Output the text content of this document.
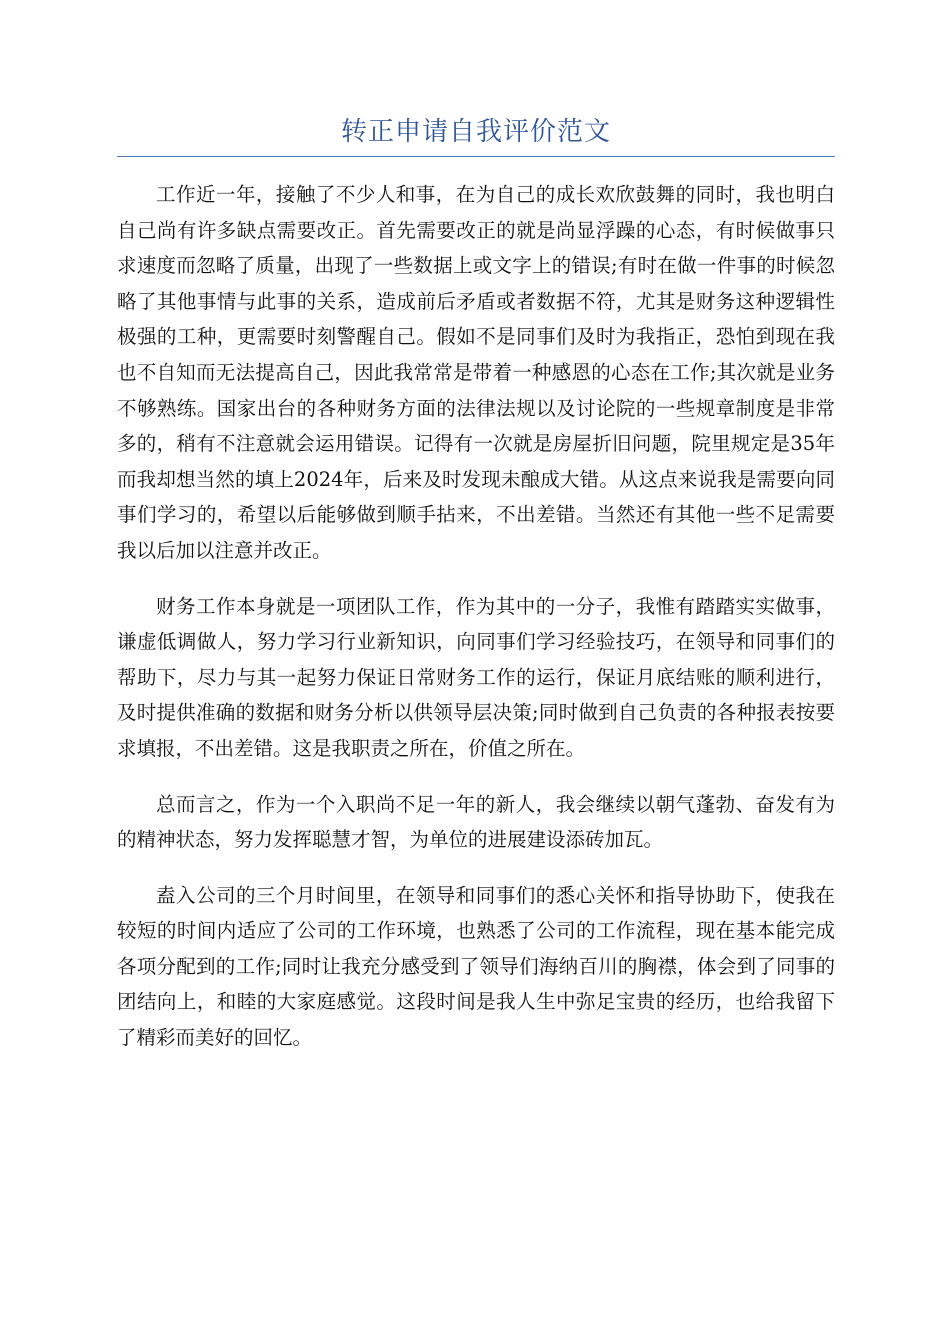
转正申请自我评价范文

工作近一年，接触了不少人和事，在为自己的成长欢欣鼓舞的同时，我也明白自己尚有许多缺点需要改正。首先需要改正的就是尚显浮躁的心态，有时候做事只求速度而忽略了质量，出现了一些数据上或文字上的错误;有时在做一件事的时候忽略了其他事情与此事的关系，造成前后矛盾或者数据不符，尤其是财务这种逻辑性极强的工种，更需要时刻警醒自己。假如不是同事们及时为我指正，恐怕到现在我也不自知而无法提高自己，因此我常常是带着一种感恩的心态在工作;其次就是业务不够熟练。国家出台的各种财务方面的法律法规以及讨论院的一些规章制度是非常多的，稍有不注意就会运用错误。记得有一次就是房屋折旧问题，院里规定是35年而我却想当然的填上2024年，后来及时发现未酿成大错。从这点来说我是需要向同事们学习的，希望以后能够做到顺手拈来，不出差错。当然还有其他一些不足需要我以后加以注意并改正。

财务工作本身就是一项团队工作，作为其中的一分子，我惟有踏踏实实做事，谦虚低调做人，努力学习行业新知识，向同事们学习经验技巧，在领导和同事们的帮助下，尽力与其一起努力保证日常财务工作的运行，保证月底结账的顺利进行，及时提供准确的数据和财务分析以供领导层决策;同时做到自己负责的各种报表按要求填报，不出差错。这是我职责之所在，价值之所在。

总而言之，作为一个入职尚不足一年的新人，我会继续以朝气蓬勃、奋发有为的精神状态，努力发挥聪慧才智，为单位的进展建设添砖加瓦。

盍入公司的三个月时间里，在领导和同事们的悉心关怀和指导协助下，使我在较短的时间内适应了公司的工作环境，也熟悉了公司的工作流程，现在基本能完成各项分配到的工作;同时让我充分感受到了领导们海纳百川的胸襟，体会到了同事的团结向上，和睦的大家庭感觉。这段时间是我人生中弥足宝贵的经历，也给我留下了精彩而美好的回忆。
